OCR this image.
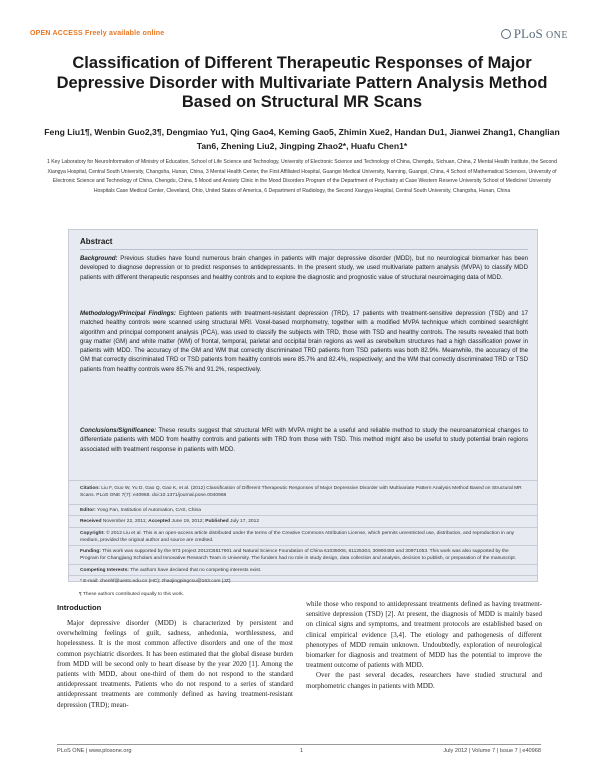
OPEN ACCESS Freely available online	PLoS ONE
Classification of Different Therapeutic Responses of Major Depressive Disorder with Multivariate Pattern Analysis Method Based on Structural MR Scans
Feng Liu1¶, Wenbin Guo2,3¶, Dengmiao Yu1, Qing Gao4, Keming Gao5, Zhimin Xue2, Handan Du1, Jianwei Zhang1, Changlian Tan6, Zhening Liu2, Jingping Zhao2*, Huafu Chen1*
1 Key Laboratory for NeuroInformation of Ministry of Education, School of Life Science and Technology, University of Electronic Science and Technology of China, Chengdu, Sichuan, China, 2 Mental Health Institute, the Second Xiangya Hospital, Central South University, Changsha, Hunan, China, 3 Mental Health Center, the First Affiliated Hospital, Guangxi Medical University, Nanning, Guangxi, China, 4 School of Mathematical Sciences, University of Electronic Science and Technology of China, Chengdu, China, 5 Mood and Anxiety Clinic in the Mood Disorders Program of the Department of Psychiatry at Case Western Reserve University School of Medicine/ University Hospitals Case Medical Center, Cleveland, Ohio, United States of America, 6 Department of Radiology, the Second Xiangya Hospital, Central South University, Changsha, Hunan, China
Abstract
Background: Previous studies have found numerous brain changes in patients with major depressive disorder (MDD), but no neurological biomarker has been developed to diagnose depression or to predict responses to antidepressants. In the present study, we used multivariate pattern analysis (MVPA) to classify MDD patients with different therapeutic responses and healthy controls and to explore the diagnostic and prognostic value of structural neuroimaging data of MDD.
Methodology/Principal Findings: Eighteen patients with treatment-resistant depression (TRD), 17 patients with treatment-sensitive depression (TSD) and 17 matched healthy controls were scanned using structural MRI. Voxel-based morphometry, together with a modified MVPA technique which combined searchlight algorithm and principal component analysis (PCA), was used to classify the subjects with TRD, those with TSD and healthy controls. The results revealed that both gray matter (GM) and white matter (WM) of frontal, temporal, parietal and occipital brain regions as well as cerebellum structures had a high classification power in patients with MDD. The accuracy of the GM and WM that correctly discriminated TRD patients from TSD patients was both 82.9%. Meanwhile, the accuracy of the GM that correctly discriminated TRD or TSD patients from healthy controls were 85.7% and 82.4%, respectively; and the WM that correctly discriminated TRD or TSD patients from healthy controls were 85.7% and 91.2%, respectively.
Conclusions/Significance: These results suggest that structural MRI with MVPA might be a useful and reliable method to study the neuroanatomical changes to differentiate patients with MDD from healthy controls and patients with TRD from those with TSD. This method might also be useful to study potential brain regions associated with treatment response in patients with MDD.
Citation: Liu F, Guo W, Yu D, Gao Q, Gao K, et al. (2012) Classification of Different Therapeutic Responses of Major Depressive Disorder with Multivariate Pattern Analysis Method Based on Structural MR Scans. PLoS ONE 7(7): e40968. doi:10.1371/journal.pone.0040968
Editor: Yong Fan, Institution of Automation, CAS, China
Received November 22, 2011; Accepted June 19, 2012; Published July 17, 2012
Copyright: © 2012 Liu et al. This is an open-access article distributed under the terms of the Creative Commons Attribution License, which permits unrestricted use, distribution, and reproduction in any medium, provided the original author and source are credited.
Funding: This work was supported by the 973 project 2012CB517901 and Natural Science Foundation of China 61035006, 61125304, 30900483 and 30971053. This work was also supported by the Program for Changjiang Scholars and Innovative Research Team in University. The funders had no role in study design, data collection and analysis, decision to publish, or preparation of the manuscript.
Competing Interests: The authors have declared that no competing interests exist.
* E-mail: chenhf@uestc.edu.cn (HC); zhaojingpingcsu@163.com (JZ)
¶ These authors contributed equally to this work.
Introduction

Major depressive disorder (MDD) is characterized by persistent and overwhelming feelings of guilt, sadness, anhedonia, worthlessness, and hopelessness. It is the most common affective disorders and one of the most common psychiatric disorders. It has been estimated that the global disease burden from MDD will be second only to heart disease by the year 2020 [1]. Among the patients with MDD, about one-third of them do not respond to the standard antidepressant treatments. Patients who do not respond to a series of standard antidepressant treatments are commonly defined as having treatment-resistant depression (TRD); mean-

while those who respond to antidepressant treatments defined as having treatment-sensitive depression (TSD) [2]. At present, the diagnosis of MDD is mainly based on clinical signs and symptoms, and treatment protocols are established based on clinical empirical evidence [3,4]. The etiology and pathogenesis of different phenotypes of MDD remain unknown. Undoubtedly, exploration of neurological biomarker for diagnosis and treatment of MDD has the potential to improve the treatment outcome of patients with MDD.

Over the past several decades, researchers have studied structural and morphometric changes in patients with MDD.

PLoS ONE | www.plosone.org	1	July 2012 | Volume 7 | Issue 7 | e40968
